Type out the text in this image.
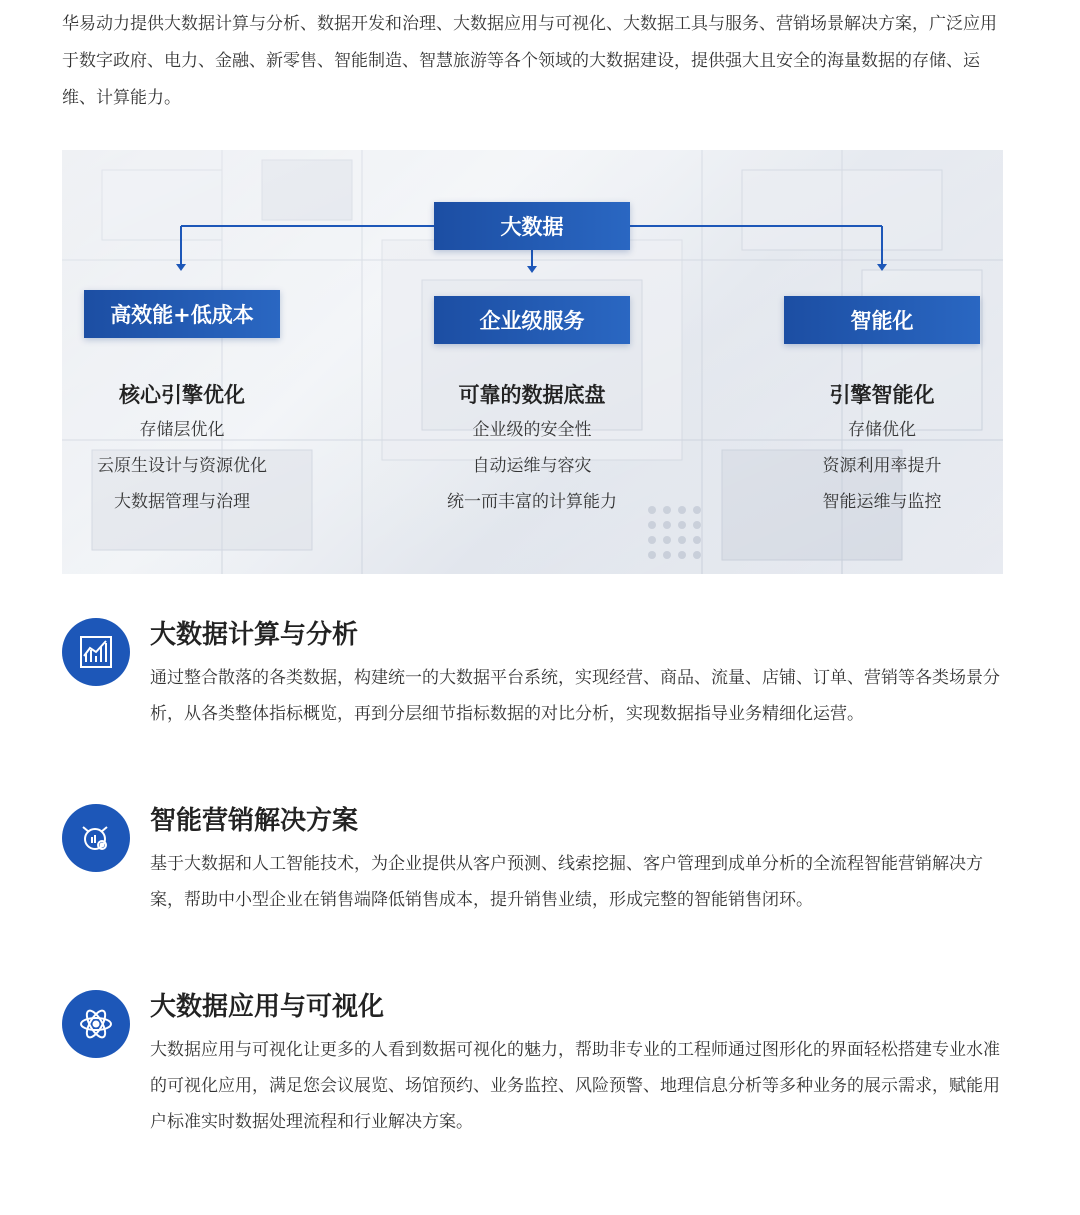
华易动力提供大数据计算与分析、数据开发和治理、大数据应用与可视化、大数据工具与服务、营销场景解决方案，广泛应用于数字政府、电力、金融、新零售、智能制造、智慧旅游等各个领域的大数据建设，提供强大且安全的海量数据的存储、运维、计算能力。

大数据
高效能+低成本	企业级服务	智能化
核心引擎优化
存储层优化
云原生设计与资源优化
大数据管理与治理
可靠的数据底盘
企业级的安全性
自动运维与容灾
统一而丰富的计算能力
引擎智能化
存储优化
资源利用率提升
智能运维与监控
大数据计算与分析

通过整合散落的各类数据，构建统一的大数据平台系统，实现经营、商品、流量、店铺、订单、营销等各类场景分析，从各类整体指标概览，再到分层细节指标数据的对比分析，实现数据指导业务精细化运营。

智能营销解决方案

基于大数据和人工智能技术，为企业提供从客户预测、线索挖掘、客户管理到成单分析的全流程智能营销解决方案，帮助中小型企业在销售端降低销售成本，提升销售业绩，形成完整的智能销售闭环。

大数据应用与可视化

大数据应用与可视化让更多的人看到数据可视化的魅力，帮助非专业的工程师通过图形化的界面轻松搭建专业水准的可视化应用，满足您会议展览、场馆预约、业务监控、风险预警、地理信息分析等多种业务的展示需求，赋能用户标准实时数据处理流程和行业解决方案。
